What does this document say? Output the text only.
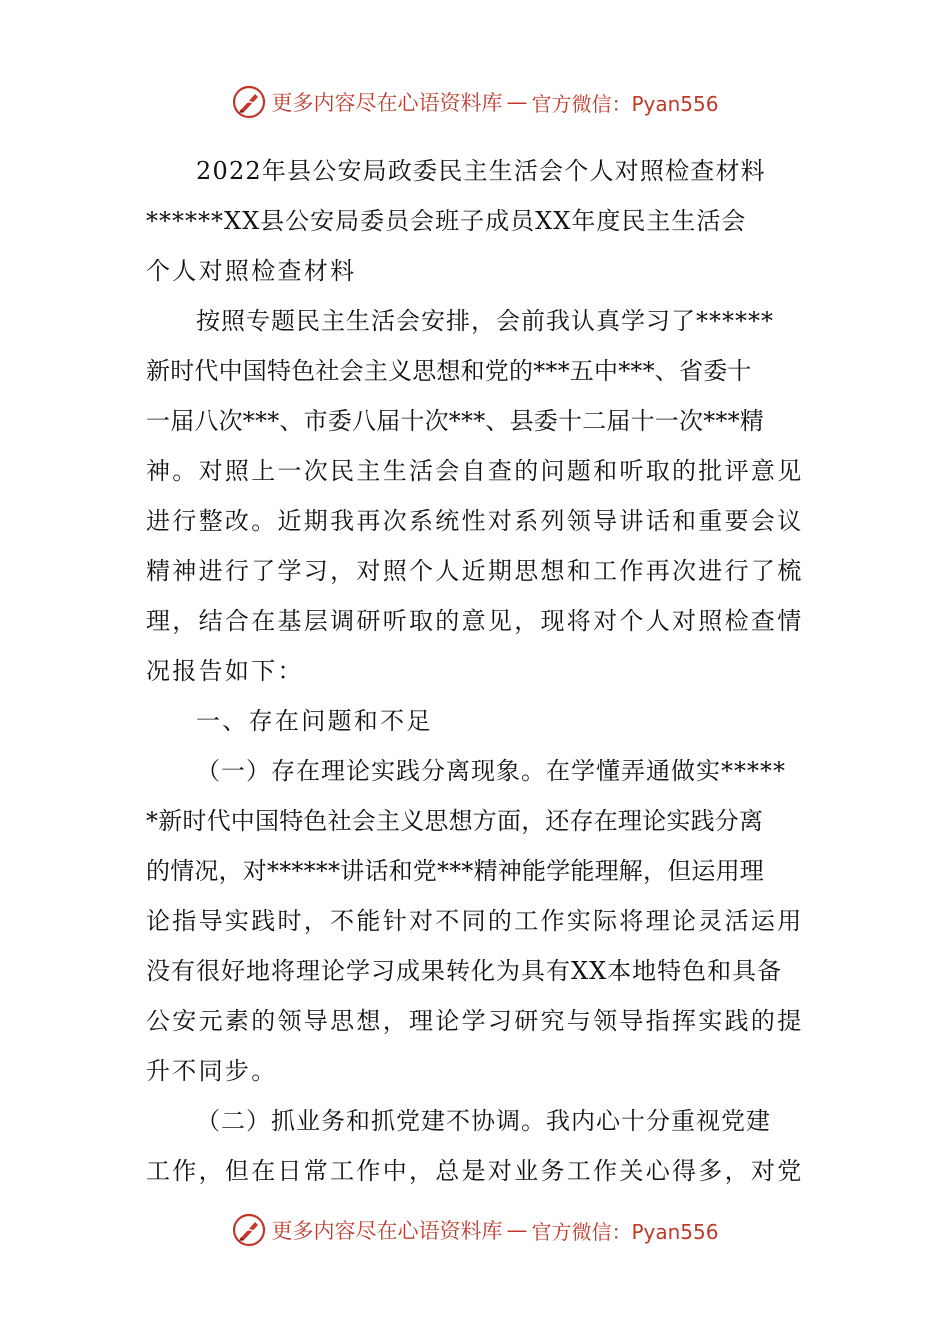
更多内容尽在心语资料库 — 官方微信：Pyan556
2022年县公安局政委民主生活会个人对照检查材料
******XX县公安局委员会班子成员XX年度民主生活会
个人对照检查材料
按照专题民主生活会安排，会前我认真学习了******
新时代中国特色社会主义思想和党的***五中***、省委十
一届八次***、市委八届十次***、县委十二届十一次***精
神。对照上一次民主生活会自查的问题和听取的批评意见
进行整改。近期我再次系统性对系列领导讲话和重要会议
精神进行了学习，对照个人近期思想和工作再次进行了梳
理，结合在基层调研听取的意见，现将对个人对照检查情
况报告如下：
一、存在问题和不足
（一）存在理论实践分离现象。在学懂弄通做实*****
*新时代中国特色社会主义思想方面，还存在理论实践分离
的情况，对******讲话和党***精神能学能理解，但运用理
论指导实践时，不能针对不同的工作实际将理论灵活运用
没有很好地将理论学习成果转化为具有XX本地特色和具备
公安元素的领导思想，理论学习研究与领导指挥实践的提
升不同步。
（二）抓业务和抓党建不协调。我内心十分重视党建
工作，但在日常工作中，总是对业务工作关心得多，对党
更多内容尽在心语资料库 — 官方微信：Pyan556
